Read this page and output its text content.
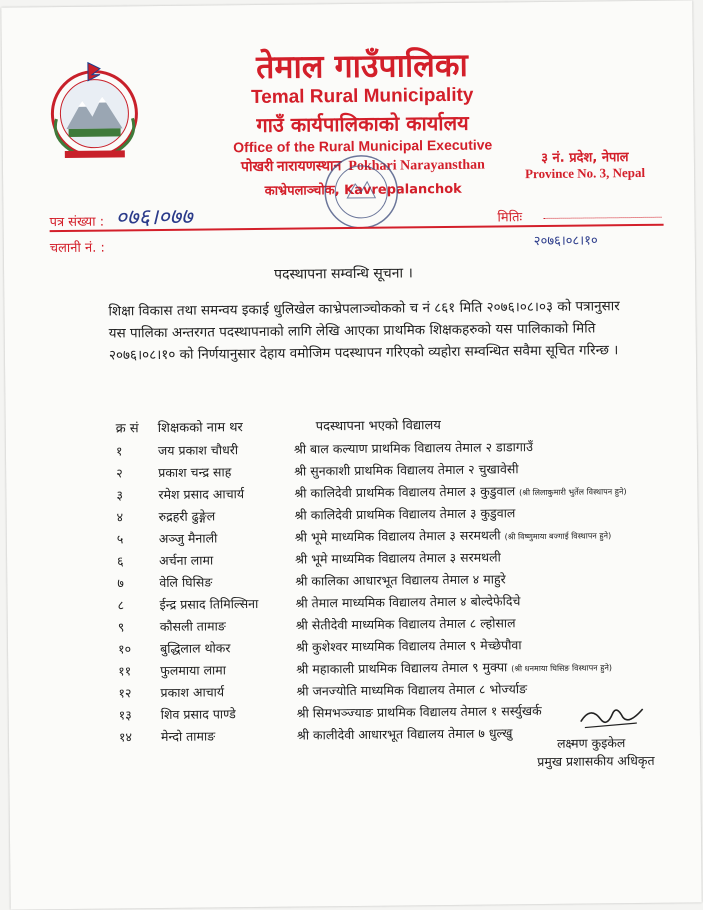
तेमाल गाउँपालिका
Temal Rural Municipality
गाउँ कार्यपालिकाको कार्यालय
Office of the Rural Municipal Executive
पोखरी नारायणस्थान Pokhari Narayansthan
काभ्रेपलाञ्चोक, Kavrepalanchok
३ नं. प्रदेश, नेपाल
Province No. 3, Nepal
पत्र संख्या : ०७६।०७७
चलानी नं. :
मितिः
२०७६।०८।१०
पदस्थापना सम्वन्धि सूचना ।
शिक्षा विकास तथा समन्वय इकाई धुलिखेल काभ्रेपलाञ्चोकको च नं ८६१ मिति २०७६।०८।०३ को पत्रानुसार यस पालिका अन्तरगत पदस्थापनाको लागि लेखि आएका प्राथमिक शिक्षकहरुको यस पालिकाको मिति २०७६।०८।१० को निर्णयानुसार देहाय वमोजिम पदस्थापन गरिएको व्यहोरा सम्वन्धित सवैमा सूचित गरिन्छ ।
क्र सं शिक्षकको नाम थर	पदस्थापना भएको विद्यालय
१	जय प्रकाश चौधरी	श्री बाल कल्याण प्राथमिक विद्यालय तेमाल २ डाडागाउँ
२	प्रकाश चन्द्र साह	श्री सुनकाशी प्राथमिक विद्यालय तेमाल २ चुखावेसी
३	रमेश प्रसाद आचार्य	श्री कालिदेवी प्राथमिक विद्यालय तेमाल ३ कुडुवाल (श्री लिलाकुमारी भुर्तेल विस्थापन हुने)
४	रुद्रहरी ढुङ्गेल	श्री कालिदेवी प्राथमिक विद्यालय तेमाल ३ कुडुवाल
५	अञ्जु मैनाली	श्री भूमे माध्यमिक विद्यालय तेमाल ३ सरमथली (श्री विष्णुमाया बज्गाई विस्थापन हुने)
६	अर्चना लामा	श्री भूमे माध्यमिक विद्यालय तेमाल ३ सरमथली
७	वेलि घिसिङ	श्री कालिका आधारभूत विद्यालय तेमाल ४ माहुरे
८	ईन्द्र प्रसाद तिमिल्सिना	श्री तेमाल माध्यमिक विद्यालय तेमाल ४ बोल्देफेदिचे
९	कौसली तामाङ	श्री सेतीदेवी माध्यमिक विद्यालय तेमाल ८ ल्होसाल
१० बुद्धिलाल थोकर	श्री कुशेश्वर माध्यमिक विद्यालय तेमाल ९ मेच्छेपौवा
११ फुलमाया लामा	श्री महाकाली प्राथमिक विद्यालय तेमाल ९ मुक्पा (श्री धनमाया घिसिङ विस्थापन हुने)
१२ प्रकाश आचार्य	श्री जनज्योति माध्यमिक विद्यालय तेमाल ८ भोर्ज्याङ
१३ शिव प्रसाद पाण्डे	श्री सिमभञ्ज्याङ प्राथमिक विद्यालय तेमाल १ सर्स्युखर्क
१४ मेन्दो तामाङ	श्री कालीदेवी आधारभूत विद्यालय तेमाल ७ धुल्खु
लक्ष्मण कुइकेल
प्रमुख प्रशासकीय अधिकृत
